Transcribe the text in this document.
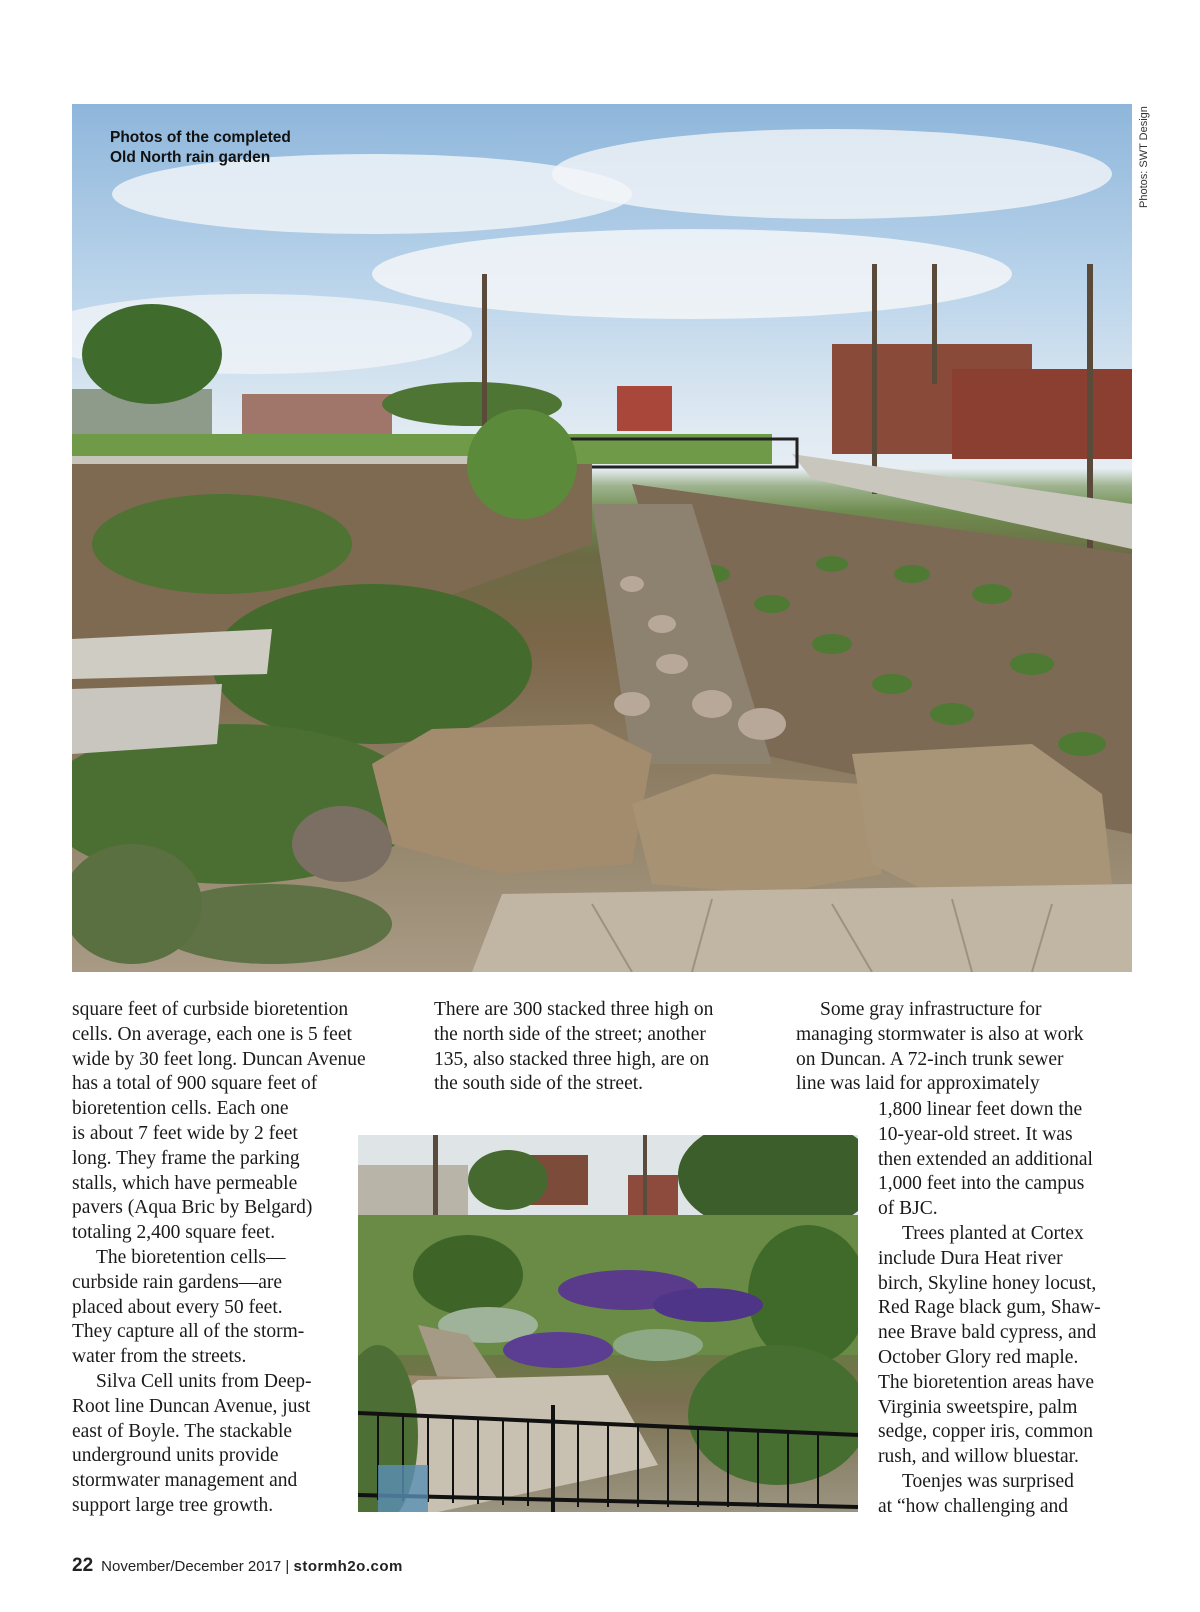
Photos of the completed
Old North rain garden	Photos: SWT Design

square feet of curbside bioretention

cells. On average, each one is 5 feet

wide by 30 feet long. Duncan Avenue

has a total of 900 square feet of

bioretention cells. Each one

is about 7 feet wide by 2 feet

long. They frame the parking

stalls, which have permeable

pavers (Aqua Bric by Belgard)

totaling 2,400 square feet.

The bioretention cells—

curbside rain gardens—are

placed about every 50 feet.

They capture all of the storm-

water from the streets.

Silva Cell units from Deep-

Root line Duncan Avenue, just

east of Boyle. The stackable

underground units provide

stormwater management and

support large tree growth.

There are 300 stacked three high on

the north side of the street; another

135, also stacked three high, are on

the south side of the street.

Some gray infrastructure for

managing stormwater is also at work

on Duncan. A 72-inch trunk sewer

line was laid for approximately

1,800 linear feet down the

10-year-old street. It was

then extended an additional

1,000 feet into the campus

of BJC.

Trees planted at Cortex

include Dura Heat river

birch, Skyline honey locust,

Red Rage black gum, Shaw-

nee Brave bald cypress, and

October Glory red maple.

The bioretention areas have

Virginia sweetspire, palm

sedge, copper iris, common

rush, and willow bluestar.

Toenjes was surprised

at “how challenging and

22 November/December 2017 | stormh2o.com
